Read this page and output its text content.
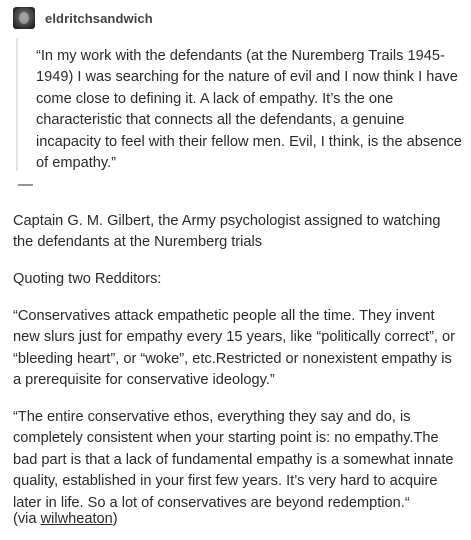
eldritchsandwich

“In my work with the defendants (at the Nuremberg Trails 1945-1949) I was searching for the nature of evil and I now think I have come close to defining it. A lack of empathy. It’s the one characteristic that connects all the defendants, a genuine incapacity to feel with their fellow men. Evil, I think, is the absence of empathy.”

—

Captain G. M. Gilbert, the Army psychologist assigned to watching the defendants at the Nuremberg trials

Quoting two Redditors:

“Conservatives attack empathetic people all the time. They invent new slurs just for empathy every 15 years, like “politically correct”, or “bleeding heart”, or “woke”, etc.Restricted or nonexistent empathy is a prerequisite for conservative ideology.”

“The entire conservative ethos, everything they say and do, is completely consistent when your starting point is: no empathy.The bad part is that a lack of fundamental empathy is a somewhat innate quality, established in your first few years. It’s very hard to acquire later in life. So a lot of conservatives are beyond redemption.“

(via wilwheaton)
